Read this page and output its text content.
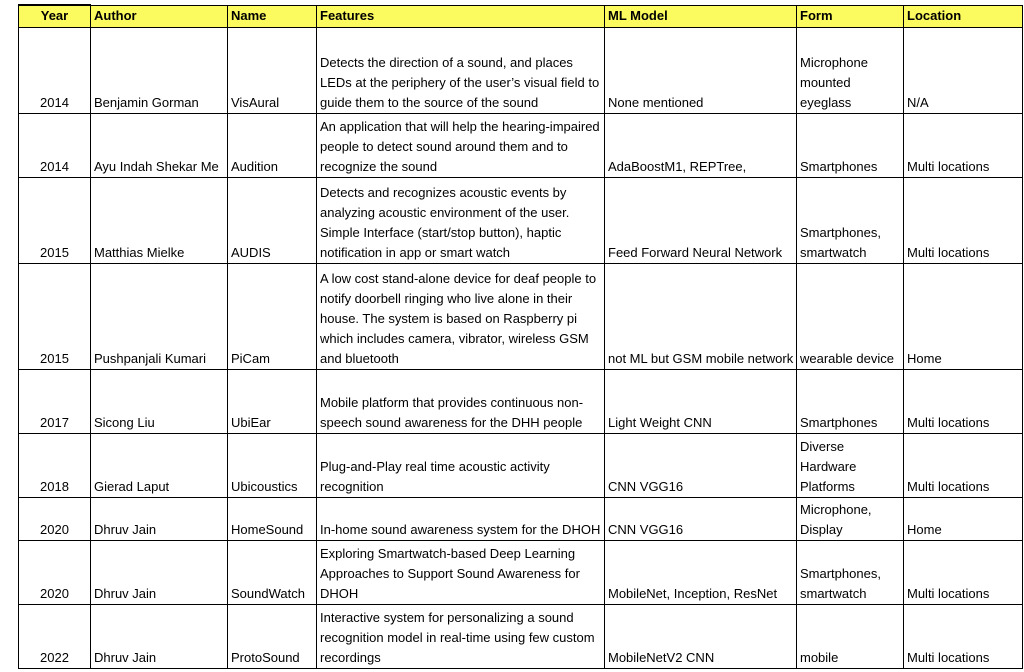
Year	Author	Name	Features	ML Model	Form	Location
2014	Benjamin Gorman	VisAural	Detects the direction of a sound, and places LEDs at the periphery of the user’s visual field to guide them to the source of the sound	None mentioned	Microphone mounted eyeglass	N/A
2014	Ayu Indah Shekar Me	Audition	An application that will help the hearing-impaired people to detect sound around them and to recognize the sound	AdaBoostM1, REPTree,	Smartphones	Multi locations
2015	Matthias Mielke	AUDIS	Detects and recognizes acoustic events by analyzing acoustic environment of the user. Simple Interface (start/stop button), haptic notification in app or smart watch	Feed Forward Neural Network	Smartphones, smartwatch	Multi locations
2015	Pushpanjali Kumari	PiCam	A low cost stand-alone device for deaf people to notify doorbell ringing who live alone in their house. The system is based on Raspberry pi which includes camera, vibrator, wireless GSM and bluetooth	not ML but GSM mobile network	wearable device	Home
2017	Sicong Liu	UbiEar	Mobile platform that provides continuous non-speech sound awareness for the DHH people	Light Weight CNN	Smartphones	Multi locations
2018	Gierad Laput	Ubicoustics	Plug-and-Play real time acoustic activity recognition	CNN VGG16	Diverse Hardware Platforms	Multi locations
2020	Dhruv Jain	HomeSound	In-home sound awareness system for the DHOH	CNN VGG16	Microphone, Display	Home
2020	Dhruv Jain	SoundWatch	Exploring Smartwatch-based Deep Learning Approaches to Support Sound Awareness for DHOH	MobileNet, Inception, ResNet	Smartphones, smartwatch	Multi locations
2022	Dhruv Jain	ProtoSound	Interactive system for personalizing a sound recognition model in real-time using few custom recordings	MobileNetV2 CNN	mobile	Multi locations
